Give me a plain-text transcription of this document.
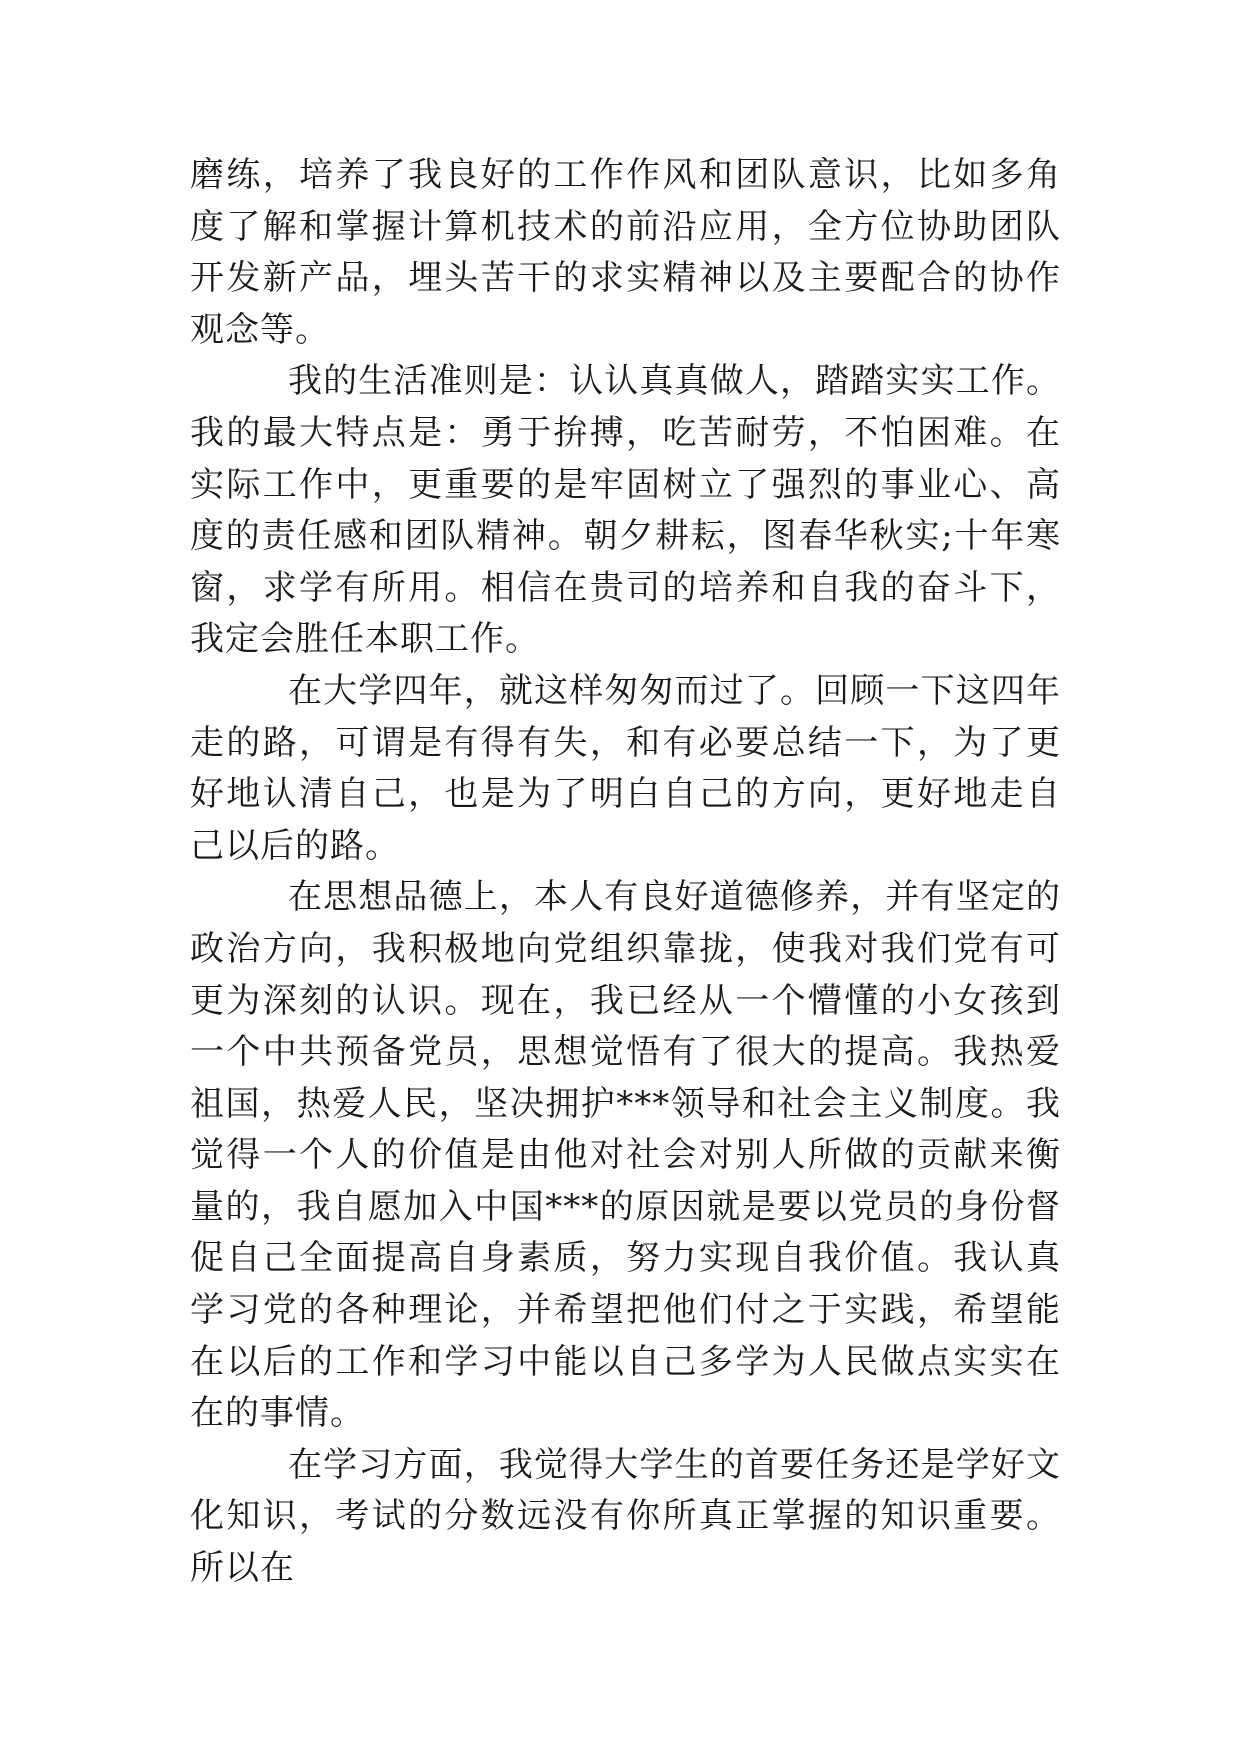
磨练，培养了我良好的工作作风和团队意识，比如多角度了解和掌握计算机技术的前沿应用，全方位协助团队开发新产品，埋头苦干的求实精神以及主要配合的协作观念等。

我的生活准则是：认认真真做人，踏踏实实工作。我的最大特点是：勇于拚搏，吃苦耐劳，不怕困难。在实际工作中，更重要的是牢固树立了强烈的事业心、高度的责任感和团队精神。朝夕耕耘，图春华秋实;十年寒窗，求学有所用。相信在贵司的培养和自我的奋斗下，我定会胜任本职工作。

在大学四年，就这样匆匆而过了。回顾一下这四年走的路，可谓是有得有失，和有必要总结一下，为了更好地认清自己，也是为了明白自己的方向，更好地走自己以后的路。

在思想品德上，本人有良好道德修养，并有坚定的政治方向，我积极地向党组织靠拢，使我对我们党有可更为深刻的认识。现在，我已经从一个懵懂的小女孩到一个中共预备党员，思想觉悟有了很大的提高。我热爱祖国，热爱人民，坚决拥护***领导和社会主义制度。我觉得一个人的价值是由他对社会对别人所做的贡献来衡量的，我自愿加入中国***的原因就是要以党员的身份督促自己全面提高自身素质，努力实现自我价值。我认真学习党的各种理论，并希望把他们付之于实践，希望能在以后的工作和学习中能以自己多学为人民做点实实在在的事情。

在学习方面，我觉得大学生的首要任务还是学好文化知识，考试的分数远没有你所真正掌握的知识重要。所以在
